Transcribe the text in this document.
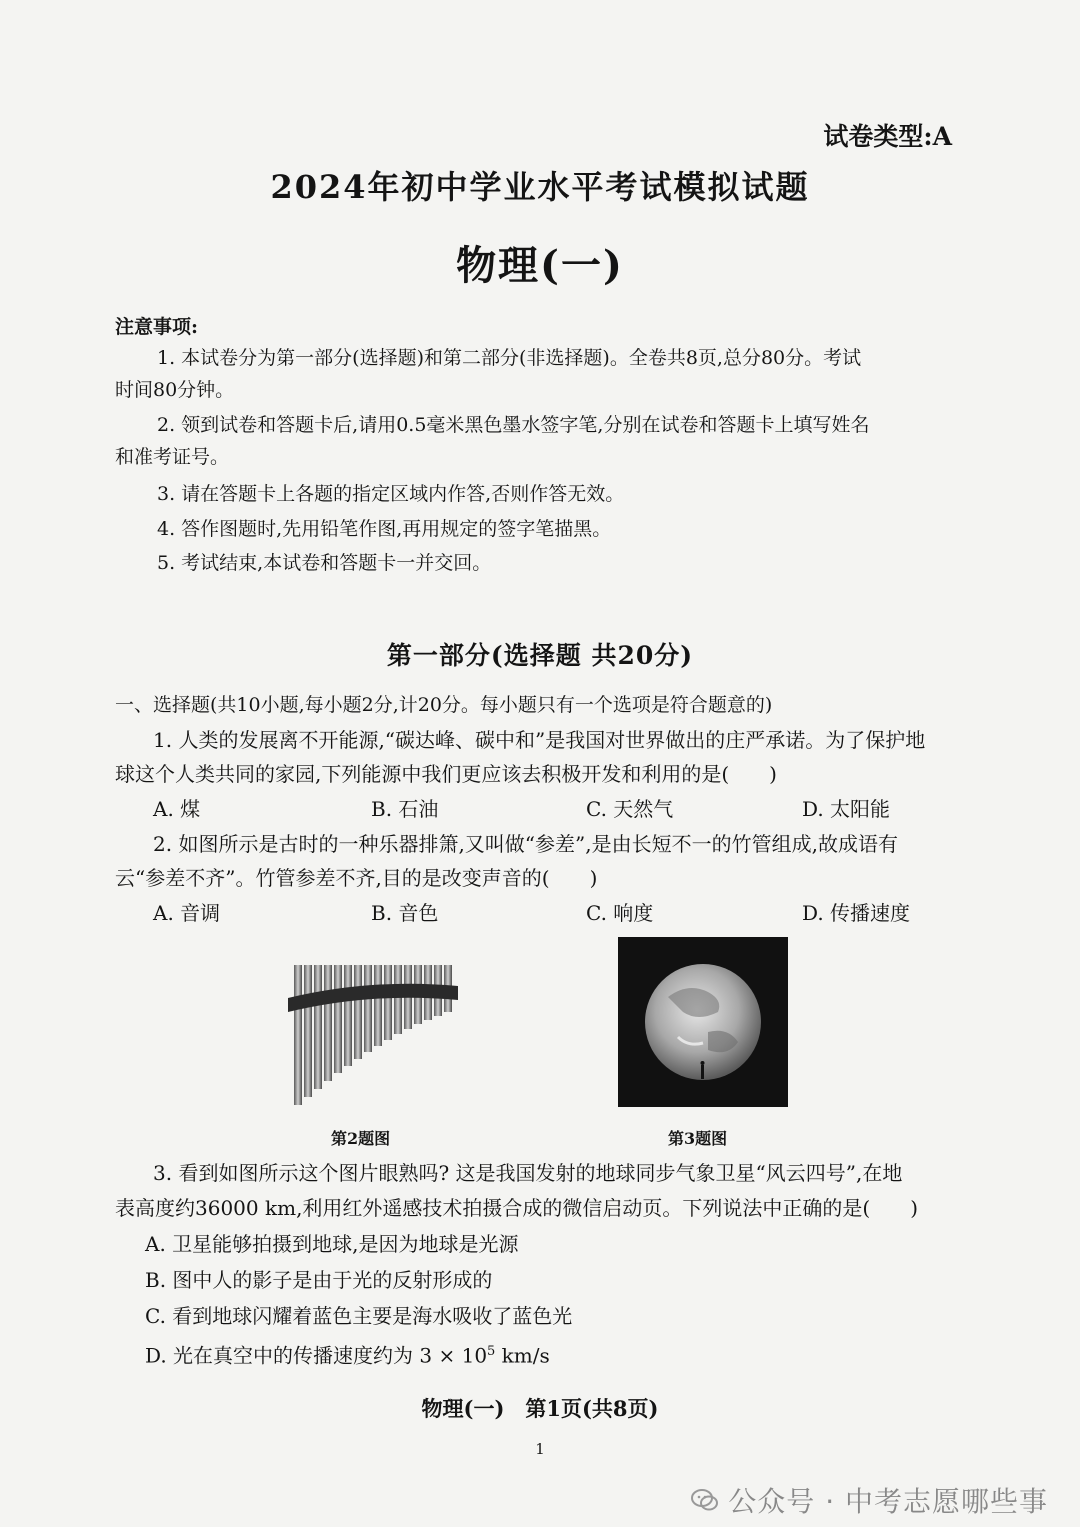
试卷类型:A
2024年初中学业水平考试模拟试题
物理(一)
注意事项:
1. 本试卷分为第一部分(选择题)和第二部分(非选择题)。全卷共8页,总分80分。考试
时间80分钟。
2. 领到试卷和答题卡后,请用0.5毫米黑色墨水签字笔,分别在试卷和答题卡上填写姓名
和准考证号。
3. 请在答题卡上各题的指定区域内作答,否则作答无效。
4. 答作图题时,先用铅笔作图,再用规定的签字笔描黑。
5. 考试结束,本试卷和答题卡一并交回。
第一部分(选择题 共20分)
一、选择题(共10小题,每小题2分,计20分。每小题只有一个选项是符合题意的)
1. 人类的发展离不开能源,“碳达峰、碳中和”是我国对世界做出的庄严承诺。为了保护地
球这个人类共同的家园,下列能源中我们更应该去积极开发和利用的是(　　)
A. 煤	B. 石油	C. 天然气	D. 太阳能
2. 如图所示是古时的一种乐器排箫,又叫做“参差”,是由长短不一的竹管组成,故成语有
云“参差不齐”。竹管参差不齐,目的是改变声音的(　　)
A. 音调	B. 音色	C. 响度	D. 传播速度
第2题图	第3题图
3. 看到如图所示这个图片眼熟吗? 这是我国发射的地球同步气象卫星“风云四号”,在地
表高度约36000 km,利用红外遥感技术拍摄合成的微信启动页。下列说法中正确的是(　　)
A. 卫星能够拍摄到地球,是因为地球是光源
B. 图中人的影子是由于光的反射形成的
C. 看到地球闪耀着蓝色主要是海水吸收了蓝色光
D. 光在真空中的传播速度约为 $3 \times 10^5$ km/s
物理(一)　第1页(共8页)
1
公众号 · 中考志愿哪些事
